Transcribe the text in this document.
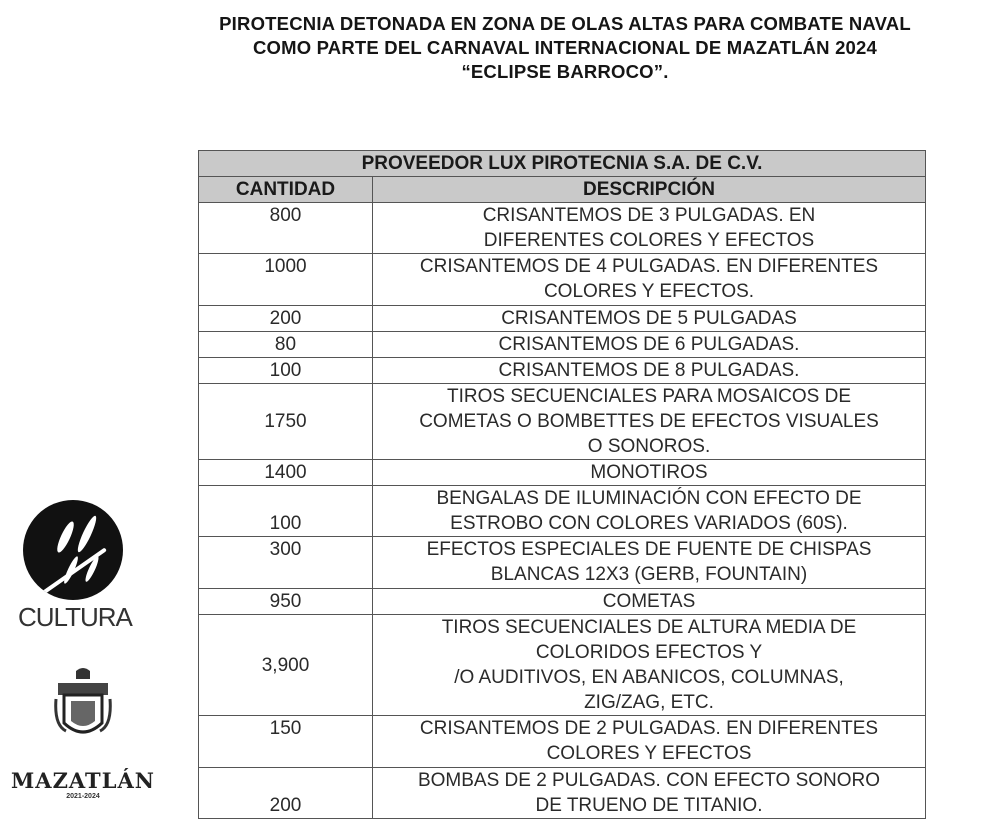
PIROTECNIA DETONADA EN ZONA DE OLAS ALTAS PARA COMBATE NAVAL
COMO PARTE DEL CARNAVAL INTERNACIONAL DE MAZATLÁN 2024
“ECLIPSE BARROCO”.
PROVEEDOR LUX PIROTECNIA S.A. DE C.V.	
CANTIDAD	DESCRIPCIÓN
800	CRISANTEMOS DE 3 PULGADAS. EN
DIFERENTES COLORES Y EFECTOS
1000	CRISANTEMOS DE 4 PULGADAS. EN DIFERENTES
COLORES Y EFECTOS.
200	CRISANTEMOS DE 5 PULGADAS
80	CRISANTEMOS DE 6 PULGADAS.
100	CRISANTEMOS DE 8 PULGADAS.
1750	TIROS SECUENCIALES PARA MOSAICOS DE
COMETAS O BOMBETTES DE EFECTOS VISUALES
O SONOROS.
1400	MONOTIROS
100	BENGALAS DE ILUMINACIÓN CON EFECTO DE
ESTROBO CON COLORES VARIADOS (60S).
300	EFECTOS ESPECIALES DE FUENTE DE CHISPAS
BLANCAS 12X3 (GERB, FOUNTAIN)
950	COMETAS
3,900	TIROS SECUENCIALES DE ALTURA MEDIA DE
COLORIDOS EFECTOS Y
/O AUDITIVOS, EN ABANICOS, COLUMNAS,
ZIG/ZAG, ETC.
150	CRISANTEMOS DE 2 PULGADAS. EN DIFERENTES
COLORES Y EFECTOS
200	BOMBAS DE 2 PULGADAS. CON EFECTO SONORO
DE TRUENO DE TITANIO.
CULTURA
MAZATLÁN
2021-2024
